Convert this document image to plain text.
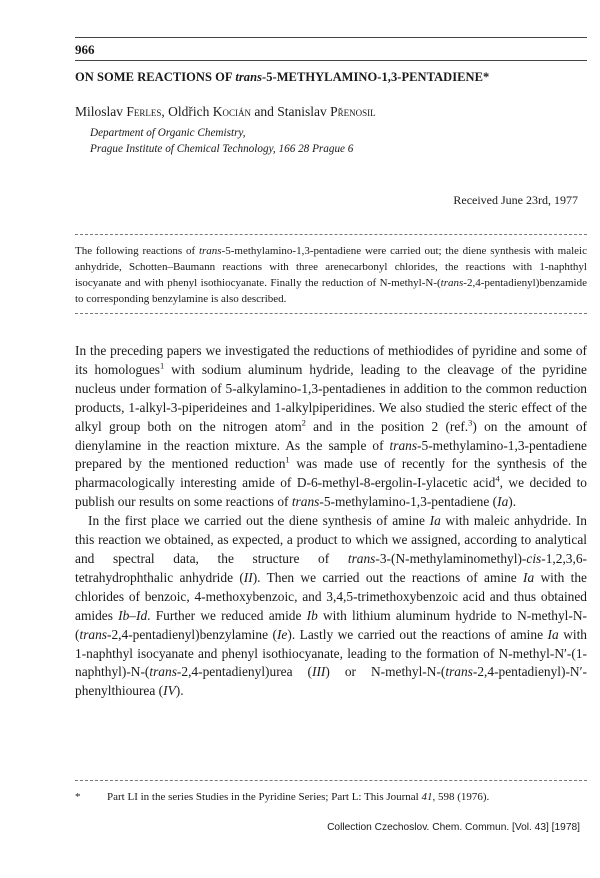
966
ON SOME REACTIONS OF trans-5-METHYLAMINO-1,3-PENTADIENE*
Miloslav Ferles, Oldřich Kocián and Stanislav Přenosil
Department of Organic Chemistry,
Prague Institute of Chemical Technology, 166 28 Prague 6
Received June 23rd, 1977
The following reactions of trans-5-methylamino-1,3-pentadiene were carried out; the diene synthesis with maleic anhydride, Schotten–Baumann reactions with three arenecarbonyl chlorides, the reactions with 1-naphthyl isocyanate and with phenyl isothiocyanate. Finally the reduction of N-methyl-N-(trans-2,4-pentadienyl)benzamide to corresponding benzylamine is also described.

In the preceding papers we investigated the reductions of methiodides of pyridine and some of its homologues$^1$ with sodium aluminum hydride, leading to the cleavage of the pyridine nucleus under formation of 5-alkylamino-1,3-pentadienes in addition to the common reduction products, 1-alkyl-3-piperideines and 1-alkylpiperidines. We also studied the steric effect of the alkyl group both on the nitrogen atom$^2$ and in the position 2 (ref.$^3$) on the amount of dienylamine in the reaction mixture. As the sample of trans-5-methylamino-1,3-pentadiene prepared by the mentioned reduction$^1$ was made use of recently for the synthesis of the pharmacologically interesting amide of D-6-methyl-8-ergolin-I-ylacetic acid$^4$, we decided to publish our results on some reactions of trans-5-methylamino-1,3-pentadiene (Ia).

In the first place we carried out the diene synthesis of amine Ia with maleic anhydride. In this reaction we obtained, as expected, a product to which we assigned, according to analytical and spectral data, the structure of trans-3-(N-methylaminomethyl)-cis-1,2,3,6-tetrahydrophthalic anhydride (II). Then we carried out the reactions of amine Ia with the chlorides of benzoic, 4-methoxybenzoic, and 3,4,5-trimethoxybenzoic acid and thus obtained amides Ib–Id. Further we reduced amide Ib with lithium aluminum hydride to N-methyl-N-(trans-2,4-pentadienyl)benzylamine (Ie). Lastly we carried out the reactions of amine Ia with 1-naphthyl isocyanate and phenyl isothiocyanate, leading to the formation of N-methyl-N′-(1-naphthyl)-N-(trans-2,4-pentadienyl)urea (III) or N-methyl-N-(trans-2,4-pentadienyl)-N′-phenylthiourea (IV).

* Part LI in the series Studies in the Pyridine Series; Part L: This Journal 41, 598 (1976).
Collection Czechoslov. Chem. Commun. [Vol. 43] [1978]
